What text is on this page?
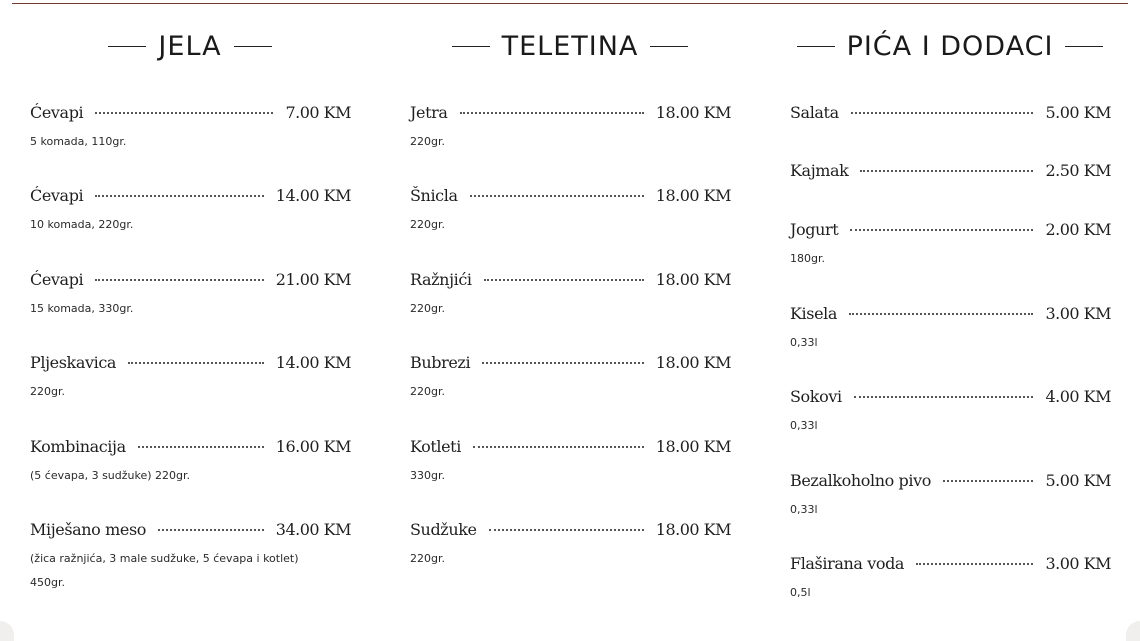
JELA
Ćevapi	7.00 KM
5 komada, 110gr.
Ćevapi	14.00 KM
10 komada, 220gr.
Ćevapi	21.00 KM
15 komada, 330gr.
Pljeskavica	14.00 KM
220gr.
Kombinacija	16.00 KM
(5 ćevapa, 3 sudžuke) 220gr.
Miješano meso	34.00 KM
(žica ražnjića, 3 male sudžuke, 5 ćevapa i kotlet)
450gr.
TELETINA
Jetra	18.00 KM
220gr.
Šnicla	18.00 KM
220gr.
Ražnjići	18.00 KM
220gr.
Bubrezi	18.00 KM
220gr.
Kotleti	18.00 KM
330gr.
Sudžuke	18.00 KM
220gr.
PIĆA I DODACI
Salata	5.00 KM
Kajmak	2.50 KM
Jogurt	2.00 KM
180gr.
Kisela	3.00 KM
0,33l
Sokovi	4.00 KM
0,33l
Bezalkoholno pivo	5.00 KM
0,33l
Flaširana voda	3.00 KM
0,5l
